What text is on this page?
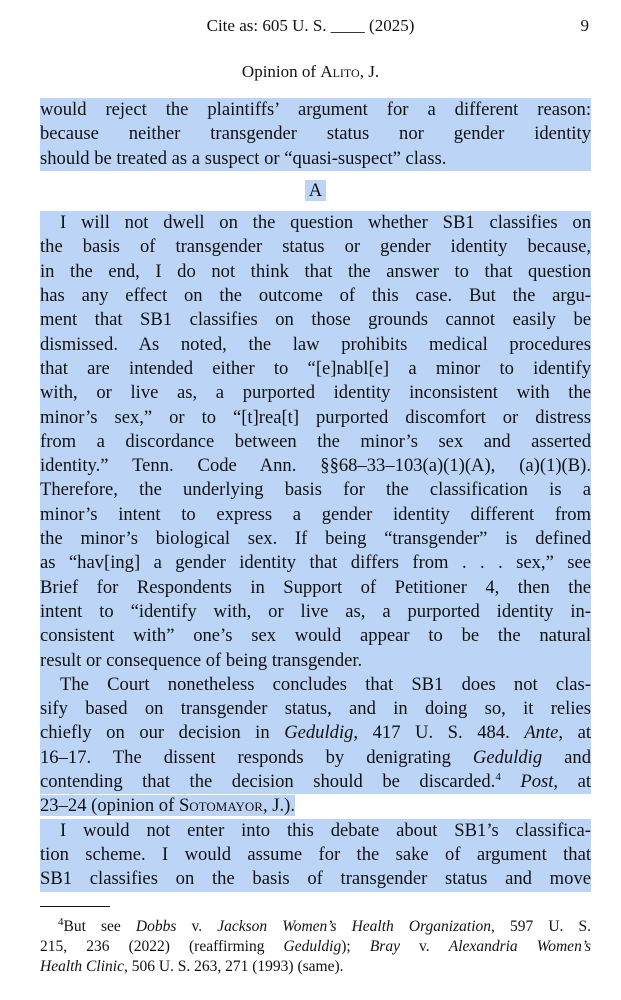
Cite as: 605 U. S. ____ (2025)	9
Opinion of Alito, J.
would reject the plaintiffs’ argument for a different reason:
because neither transgender status nor gender identity
should be treated as a suspect or “quasi-suspect” class.
A
I will not dwell on the question whether SB1 classifies on
the basis of transgender status or gender identity because,
in the end, I do not think that the answer to that question
has any effect on the outcome of this case. But the argu-
ment that SB1 classifies on those grounds cannot easily be
dismissed. As noted, the law prohibits medical procedures
that are intended either to “[e]nabl[e] a minor to identify
with, or live as, a purported identity inconsistent with the
minor’s sex,” or to “[t]rea[t] purported discomfort or distress
from a discordance between the minor’s sex and asserted
identity.” Tenn. Code Ann. §§68–33–103(a)(1)(A), (a)(1)(B).
Therefore, the underlying basis for the classification is a
minor’s intent to express a gender identity different from
the minor’s biological sex. If being “transgender” is defined
as “hav[ing] a gender identity that differs from . . . sex,” see
Brief for Respondents in Support of Petitioner 4, then the
intent to “identify with, or live as, a purported identity in-
consistent with” one’s sex would appear to be the natural
result or consequence of being transgender.
The Court nonetheless concludes that SB1 does not clas-
sify based on transgender status, and in doing so, it relies
chiefly on our decision in Geduldig, 417 U. S. 484. Ante, at
16–17. The dissent responds by denigrating Geduldig and
contending that the decision should be discarded.$^4$ Post, at
23–24 (opinion of Sotomayor, J.).
I would not enter into this debate about SB1’s classifica-
tion scheme. I would assume for the sake of argument that
SB1 classifies on the basis of transgender status and move
$^4$But see Dobbs v. Jackson Women’s Health Organization, 597 U. S.
215, 236 (2022) (reaffirming Geduldig); Bray v. Alexandria Women’s
Health Clinic, 506 U. S. 263, 271 (1993) (same).
